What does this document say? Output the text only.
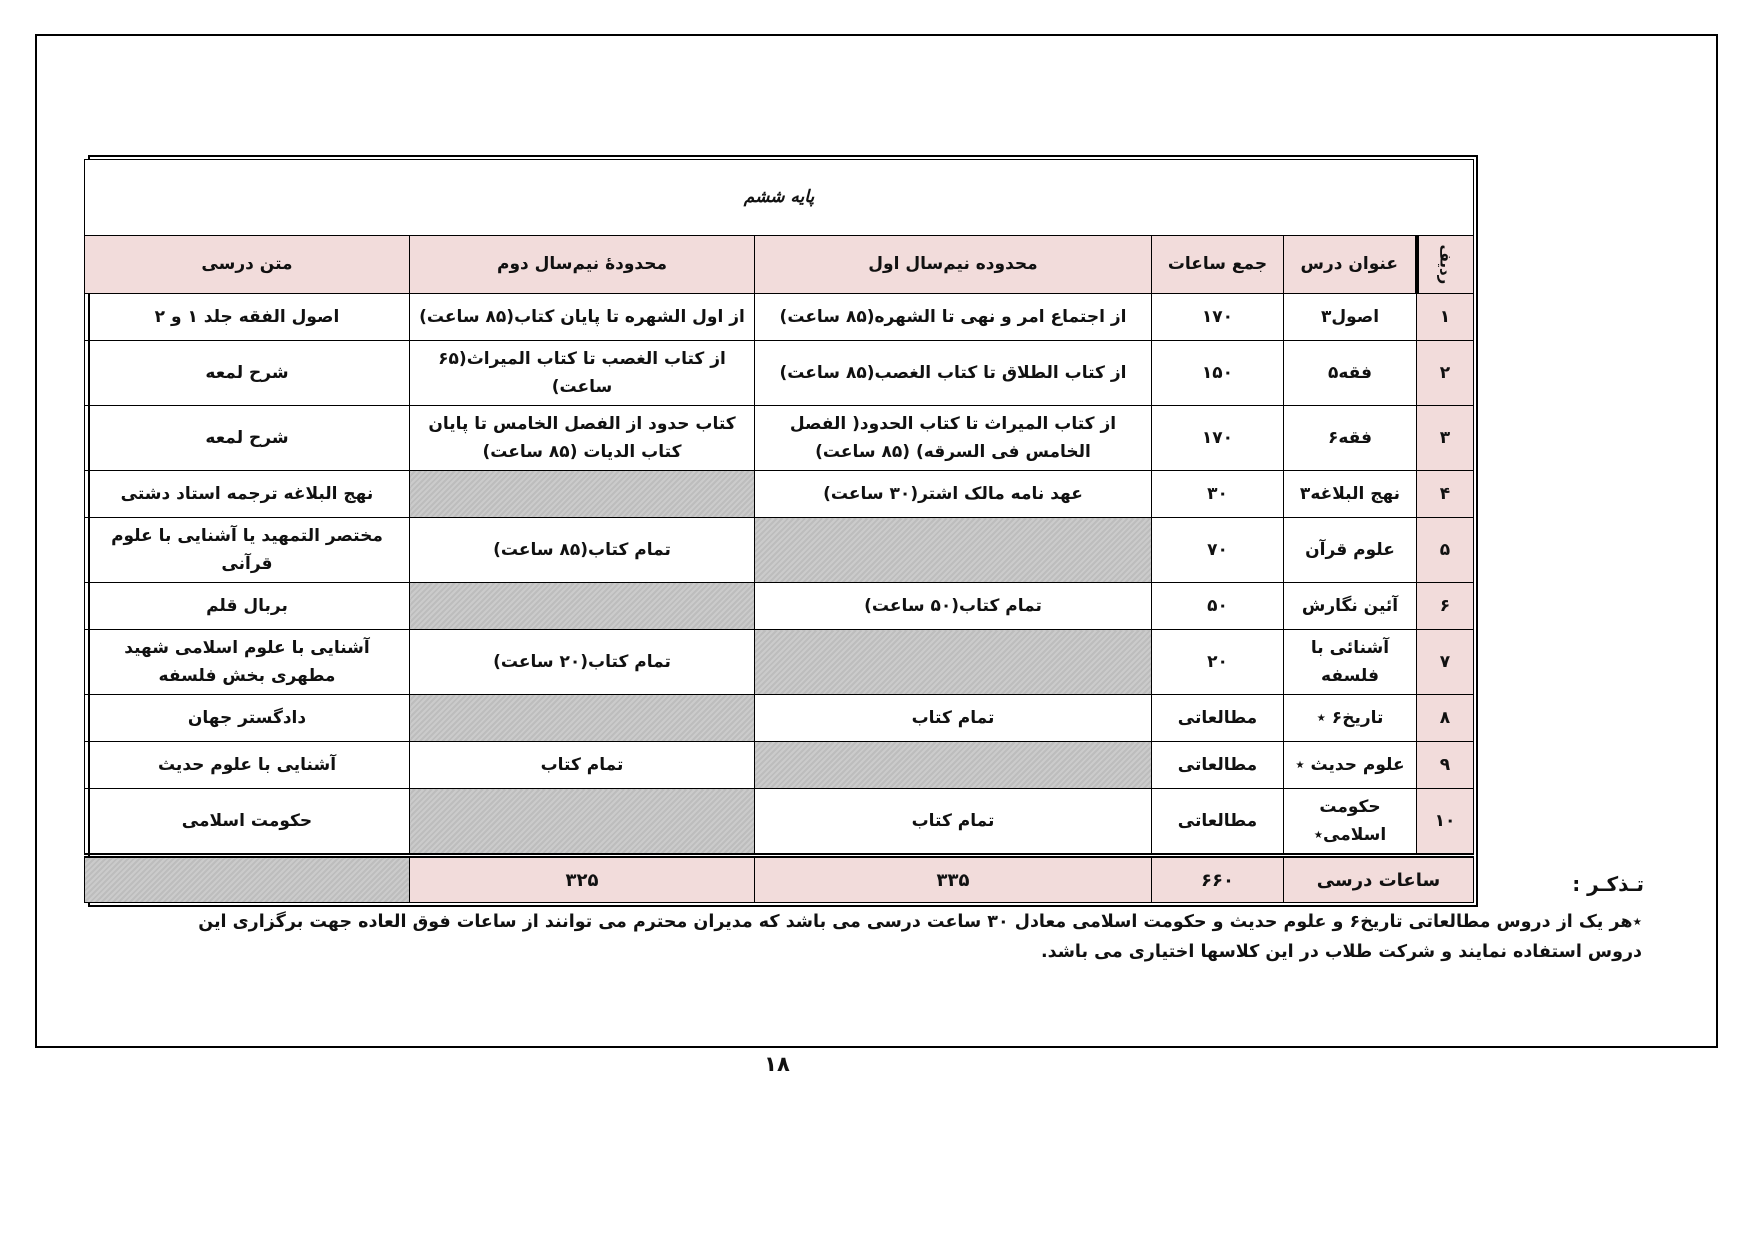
پایه ششم					
ردیف	عنوان درس	جمع ساعات	محدوده نیم‌سال اول	محدودهٔ نیم‌سال دوم	متن درسی
۱	اصول۳	۱۷۰	از اجتماع امر و نهی تا الشهره(۸۵ ساعت)	از اول الشهره تا پایان کتاب(۸۵ ساعت)	اصول الفقه جلد ۱ و ۲
۲	فقه۵	۱۵۰	از کتاب الطلاق تا کتاب الغصب(۸۵ ساعت)	از کتاب الغصب تا کتاب المیراث(۶۵ ساعت)	شرح لمعه
۳	فقه۶	۱۷۰	از کتاب المیراث تا کتاب الحدود( الفصل الخامس فی السرقه) (۸۵ ساعت)	کتاب حدود از الفصل الخامس تا پایان کتاب الدیات (۸۵ ساعت)	شرح لمعه
۴	نهج البلاغه۳	۳۰	عهد نامه مالک اشتر(۳۰ ساعت)		نهج البلاغه ترجمه استاد دشتی
۵	علوم قرآن	۷۰		تمام کتاب(۸۵ ساعت)	مختصر التمهید یا آشنایی با علوم قرآنی
۶	آئین نگارش	۵۰	تمام کتاب(۵۰ ساعت)		بربال قلم
۷	آشنائی با فلسفه	۲۰		تمام کتاب(۲۰ ساعت)	آشنایی با علوم اسلامی شهید مطهری بخش فلسفه
۸	تاریخ۶ ٭	مطالعاتی	تمام کتاب		دادگستر جهان
۹	علوم حدیث ٭	مطالعاتی		تمام کتاب	آشنایی با علوم حدیث
۱۰	حکومت اسلامی٭	مطالعاتی	تمام کتاب		حکومت اسلامی
ساعات درسی		۶۶۰	۳۳۵	۳۲۵		تـذکـر :
٭هر یک از دروس مطالعاتی تاریخ۶ و علوم حدیث و حکومت اسلامی معادل ۳۰ ساعت درسی می باشد که مدیران محترم می توانند از ساعات فوق العاده جهت برگزاری این دروس استفاده نمایند و شرکت طلاب در این کلاسها اختیاری می باشد.
۱۸
